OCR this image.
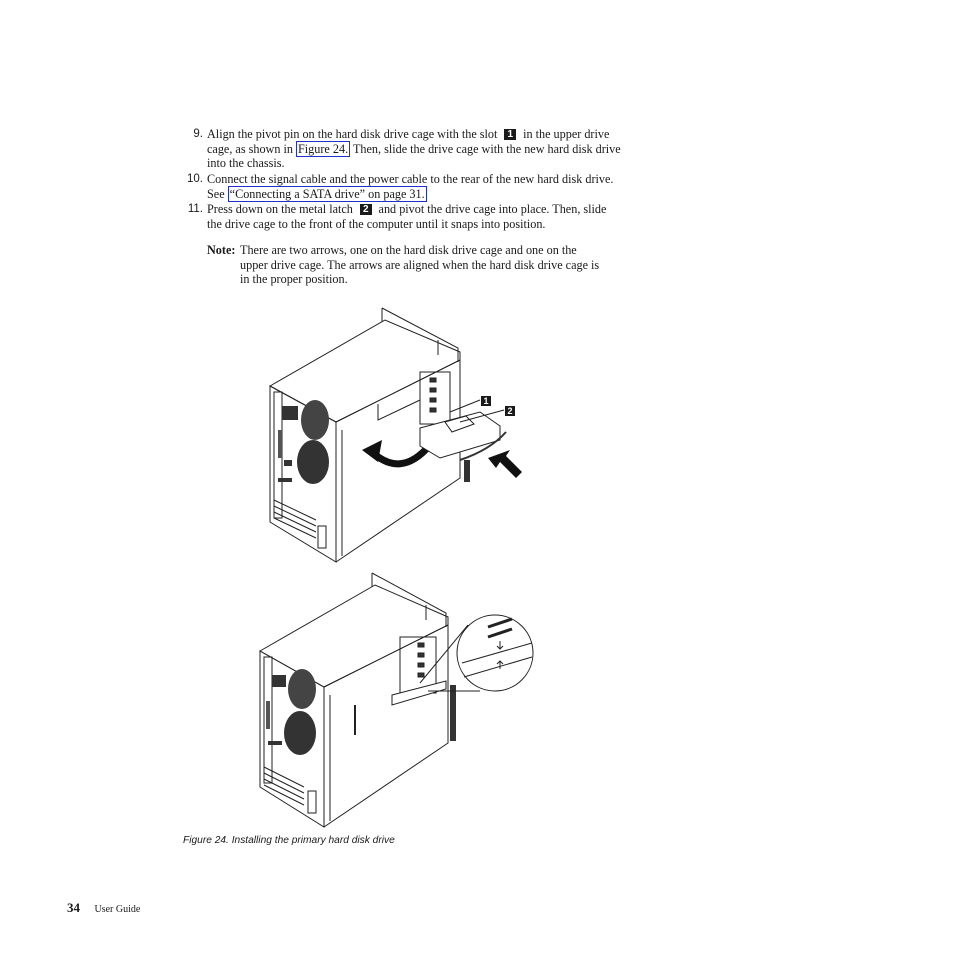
9. Align the pivot pin on the hard disk drive cage with the slot 1 in the upper drive cage, as shown in Figure 24. Then, slide the drive cage with the new hard disk drive into the chassis.
10. Connect the signal cable and the power cable to the rear of the new hard disk drive. See “Connecting a SATA drive” on page 31.
11. Press down on the metal latch 2 and pivot the drive cage into place. Then, slide the drive cage to the front of the computer until it snaps into position.
Note: There are two arrows, one on the hard disk drive cage and one on the upper drive cage. The arrows are aligned when the hard disk drive cage is in the proper position.
1
2
Figure 24. Installing the primary hard disk drive
34 User Guide
